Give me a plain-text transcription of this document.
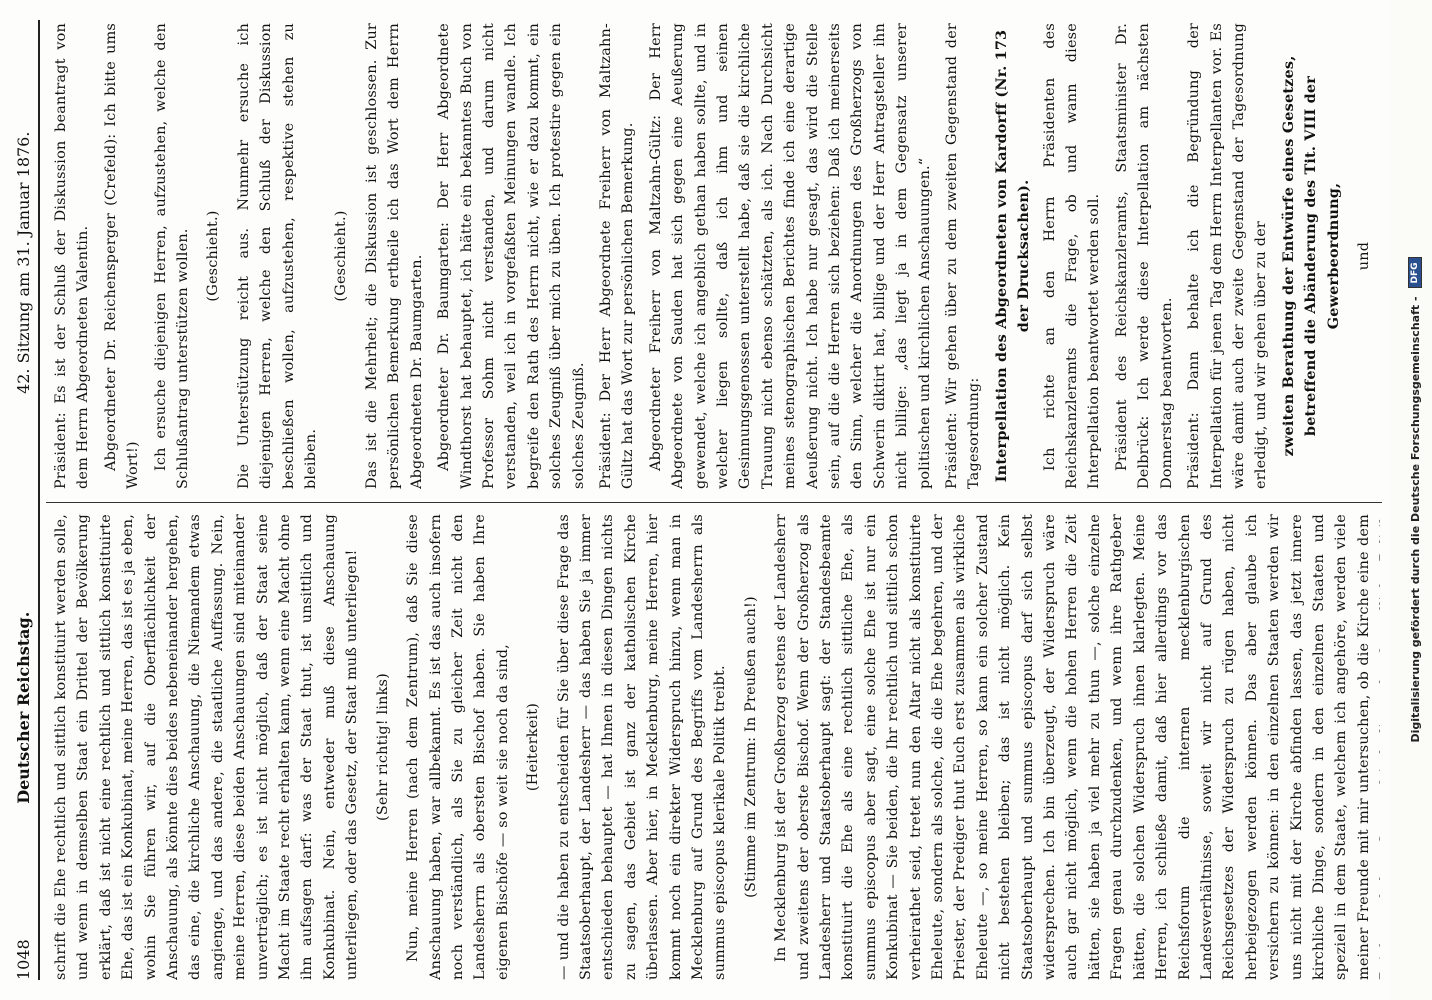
1048
Deutscher Reichstag.
42. Sitzung am 31. Januar 1876.

schrift die Ehe rechtlich und sittlich konstituirt werden solle, und wenn in demselben Staat ein Drittel der Bevölkerung erklärt, daß ist nicht eine rechtlich und sittlich konstituirte Ehe, das ist ein Konkubinat, meine Herren, das ist es ja eben, wohin Sie führen wir, auf die Oberflächlichkeit der Anschauung, als könnte dies beides nebeneinander hergehen, das eine, die kirchliche Anschauung, die Niemandem etwas angienge, und das andere, die staatliche Auffassung. Nein, meine Herren, diese beiden Anschauungen sind miteinander unverträglich; es ist nicht möglich, daß der Staat seine Macht im Staate recht erhalten kann, wenn eine Macht ohne ihn aufsagen darf: was der Staat thut, ist unsittlich und Konkubinat. Nein, entweder muß diese Anschauung unterliegen, oder das Gesetz, der Staat muß unterliegen! (Sehr richtig! links) Nun, meine Herren (nach dem Zentrum), daß Sie diese Anschauung haben, war allbekannt. Es ist das auch insofern noch verständlich, als Sie zu gleicher Zeit nicht den Landesherrn als obersten Bischof haben. Sie haben Ihre eigenen Bischöfe — so weit sie noch da sind, (Heiterkeit) — und die haben zu entscheiden für Sie über diese Frage das Staatsoberhaupt, der Landesherr — das haben Sie ja immer entschieden behauptet — hat Ihnen in diesen Dingen nichts zu sagen, das Gebiet ist ganz der katholischen Kirche überlassen. Aber hier, in Mecklenburg, meine Herren, hier kommt noch ein direkter Widerspruch hinzu, wenn man in Mecklenburg auf Grund des Begriffs vom Landesherrn als summus episcopus klerikale Politik treibt. (Stimme im Zentrum: In Preußen auch!)

In Mecklenburg ist der Großherzog erstens der Landesherr und zweitens der oberste Bischof. Wenn der Großherzog als Landesherr und Staatsoberhaupt sagt: der Standesbeamte konstituirt die Ehe als eine rechtlich sittliche Ehe, als summus episcopus aber sagt, eine solche Ehe ist nur ein Konkubinat — Sie beiden, die Ihr rechtlich und sittlich schon verheirathet seid, tretet nun den Altar nicht als konstituirte Eheleute, sondern als solche, die die Ehe begehren, und der Priester, der Prediger thut Euch erst zusammen als wirkliche Eheleute —, so meine Herren, so kann ein solcher Zustand nicht bestehen bleiben; das ist nicht möglich. Kein Staatsoberhaupt und summus episcopus darf sich selbst widersprechen. Ich bin überzeugt, der Widerspruch wäre auch gar nicht möglich, wenn die hohen Herren die Zeit hätten, sie haben ja viel mehr zu thun —, solche einzelne Fragen genau durchzudenken, und wenn ihre Rathgeber hätten, die solchen Widerspruch ihnen klarlegten. Meine Herren, ich schließe damit, daß hier allerdings vor das Reichsforum die internen mecklenburgischen Landesverhältnisse, soweit wir nicht auf Grund des Reichsgesetzes der Widerspruch zu rügen haben, nicht herbeigezogen werden können. Das aber glaube ich versichern zu können: in den einzelnen Staaten werden wir uns nicht mit der Kirche abfinden lassen, das jetzt innere kirchliche Dinge, sondern in den einzelnen Staaten und speziell in dem Staate, welchem ich angehöre, werden viele meiner Freunde mit mir untersuchen, ob die Kirche eine dem

Präsident: Es ist der Schluß der Diskussion beantragt von dem Herrn Abgeordneten Valentin. Abgeordneter Dr. Reichensperger (Crefeld): Ich bitte ums Wort!) Ich ersuche diejenigen Herren, aufzustehen, welche den Schlußantrag unterstützen wollen. (Geschieht.) Die Unterstützung reicht aus. Nunmehr ersuche ich diejenigen Herren, welche den Schluß der Diskussion beschließen wollen, aufzustehen, respektive stehen zu bleiben.

(Geschieht.) Das ist die Mehrheit; die Diskussion ist geschlossen. Zur persönlichen Bemerkung ertheile ich das Wort dem Herrn Abgeordneten Dr. Baumgarten. Abgeordneter Dr. Baumgarten: Der Herr Abgeordnete Windthorst hat behauptet, ich hätte ein bekanntes Buch von Professor Sohm nicht verstanden, und darum nicht verstanden, weil ich in vorgefaßten Meinungen wandle. Ich begreife den Rath des Herrn nicht, wie er dazu kommt, ein solches Zeugniß über mich zu üben. Ich protestire gegen ein solches Zeugniß. Präsident: Der Herr Abgeordnete Freiherr von Maltzahn-Gültz hat das Wort zur persönlichen Bemerkung. Abgeordneter Freiherr von Maltzahn-Gültz: Der Herr Abgeordnete von Sauden hat sich gegen eine Aeußerung gewendet, welche ich angeblich gethan haben sollte, und in welcher liegen sollte, daß ich ihm und seinen Gesinnungsgenossen unterstellt habe, daß sie die kirchliche Trauung nicht ebenso schätzten, als ich. Nach Durchsicht meines stenographischen Berichtes finde ich eine derartige Aeußerung nicht. Ich habe nur gesagt, das wird die Stelle sein, auf die die Herren sich beziehen: Daß ich meinerseits den Sinn, welcher die Anordnungen des Großherzogs von Schwerin diktirt hat, billige und der Herr Antragsteller ihn nicht billige: „das liegt ja in dem Gegensatz unserer politischen und kirchlichen Anschauungen.“ Präsident: Wir gehen über zu dem zweiten Gegenstand der Tagesordnung: Interpellation des Abgeordneten von Kardorff (Nr. 173 der Drucksachen). Ich richte an den Herrn Präsidenten des Reichskanzleramts die Frage, ob und wann diese Interpellation beantwortet werden soll. Präsident des Reichskanzleramts, Staatsminister Dr. Delbrück: Ich werde diese Interpellation am nächsten Donnerstag beantworten. Präsident: Dann behalte ich die Begründung der Interpellation für jenen Tag dem Herrn Interpellanten vor. Es wäre damit auch der zweite Gegenstand der Tagesordnung erledigt, und wir gehen über zu der zweiten Berathung der Entwürfe eines Gesetzes, betreffend die Abänderung des Tit. VIII der Gewerbeordnung, und

Digitalisierung gefördert durch die Deutsche Forschungsgemeinschaft -
DFG
